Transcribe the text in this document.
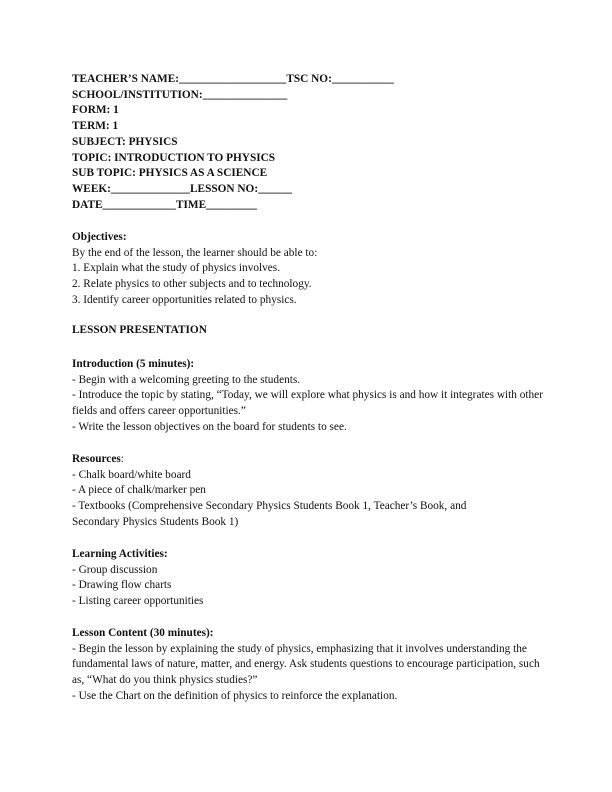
TEACHER’S NAME:___________________TSC NO:___________
SCHOOL/INSTITUTION:_______________
FORM: 1
TERM: 1
SUBJECT: PHYSICS
TOPIC: INTRODUCTION TO PHYSICS
SUB TOPIC: PHYSICS AS A SCIENCE
WEEK:______________LESSON NO:______
DATE_____________TIME_________
Objectives:
By the end of the lesson, the learner should be able to:
1. Explain what the study of physics involves.
2. Relate physics to other subjects and to technology.
3. Identify career opportunities related to physics.
LESSON PRESENTATION
Introduction (5 minutes):
- Begin with a welcoming greeting to the students.
- Introduce the topic by stating, “Today, we will explore what physics is and how it integrates with other fields and offers career opportunities.”
- Write the lesson objectives on the board for students to see.
Resources:
- Chalk board/white board
- A piece of chalk/marker pen
- Textbooks (Comprehensive Secondary Physics Students Book 1, Teacher’s Book, and Secondary Physics Students Book 1)
Learning Activities:
- Group discussion
- Drawing flow charts
- Listing career opportunities
Lesson Content (30 minutes):
- Begin the lesson by explaining the study of physics, emphasizing that it involves understanding the fundamental laws of nature, matter, and energy. Ask students questions to encourage participation, such as, “What do you think physics studies?”
- Use the Chart on the definition of physics to reinforce the explanation.
